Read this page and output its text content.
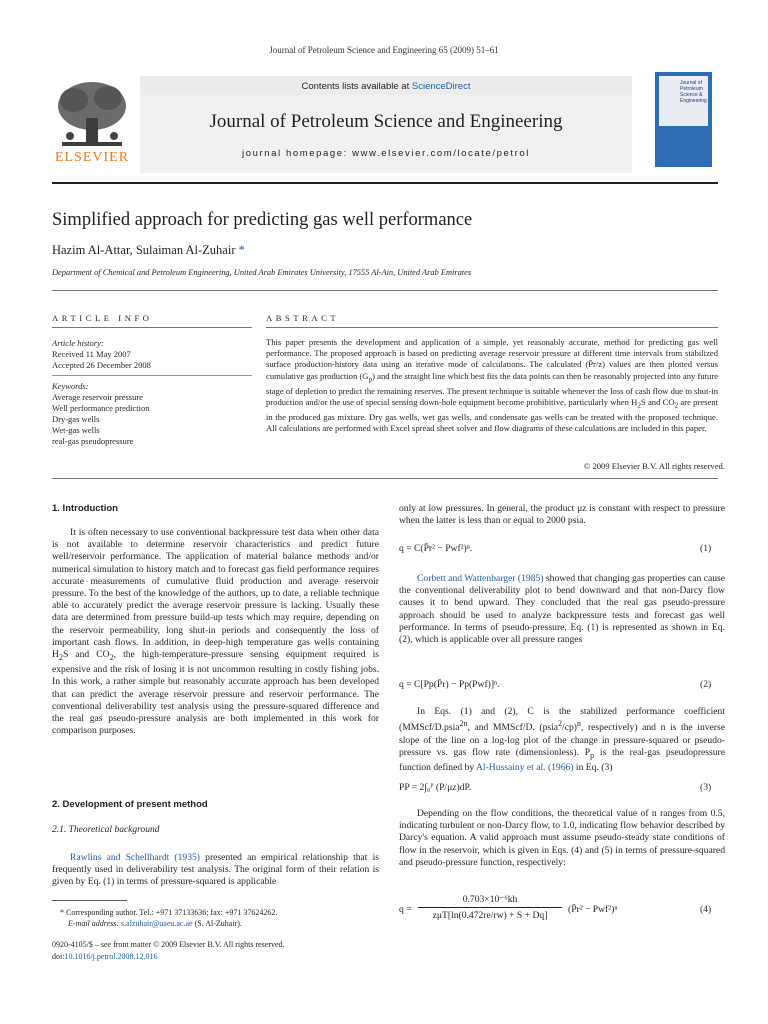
Journal of Petroleum Science and Engineering 65 (2009) 51–61
ELSEVIER
Contents lists available at ScienceDirect
Journal of Petroleum Science and Engineering
journal homepage: www.elsevier.com/locate/petrol
Journal of
Petroleum
Science &
Engineering
Simplified approach for predicting gas well performance
Hazim Al-Attar, Sulaiman Al-Zuhair *
Department of Chemical and Petroleum Engineering, United Arab Emirates University, 17555 Al-Ain, United Arab Emirates
ARTICLE INFO
Article history:
Received 11 May 2007
Accepted 26 December 2008
Keywords:
Average reservoir pressure
Well performance prediction
Dry-gas wells
Wet-gas wells
real-gas pseudopressure
ABSTRACT
This paper presents the development and application of a simple, yet reasonably accurate, method for predicting gas well performance. The proposed approach is based on predicting average reservoir pressure at different time intervals from stabilized surface production-history data using an iterative mode of calculations. The calculated (P̄r/z) values are then plotted versus cumulative gas production $(G_p)$ and the straight line which best fits the data points can then be reasonably projected into any future stage of depletion to predict the remaining reserves. The present technique is suitable whenever the loss of cash flow due to shut-in production and/or the use of special sensing down-hole equipment become prohibitive, particularly when $H_2S$ and $CO_2$ are present in the produced gas mixture. Dry gas wells, wet gas wells, and condensate gas wells can be treated with the proposed technique. All calculations are performed with Excel spread sheet solver and flow diagrams of these calculations are included in this paper.
© 2009 Elsevier B.V. All rights reserved.
1. Introduction
It is often necessary to use conventional backpressure test data when other data is not available to determine reservoir characteristics and predict future well/reservoir performance. The application of material balance methods and/or numerical simulation to history match and to forecast gas field performance requires accurate measurements of cumulative fluid production and average reservoir pressure. To the best of the knowledge of the authors, up to date, a reliable technique able to accurately predict the average reservoir pressure is lacking. Usually these data are determined from pressure build-up tests which may require, depending on the reservoir permeability, long shut-in periods and consequently the loss of important cash flows. In addition, in deep-high temperature gas wells containing $H_2S$ and $CO_2$, the high-temperature-pressure sensing equipment required is expensive and the risk of losing it is not uncommon resulting in costly fishing jobs. In this work, a rather simple but reasonably accurate approach has been developed that can predict the average reservoir pressure and reservoir performance. The conventional deliverability test analysis using the pressure-squared difference and the real gas pseudo-pressure analysis are both implemented in this work for comparison purposes.
2. Development of present method
2.1. Theoretical background
Rawlins and Schellhardt (1935) presented an empirical relationship that is frequently used in deliverability test analysis. The original form of their relation is given by Eq. (1) in terms of pressure-squared is applicable
* Corresponding author. Tel.: +971 37133636; fax: +971 37624262.
E-mail address: s.alzuhair@uaeu.ac.ae (S. Al-Zuhair).
0920-4105/$ – see front matter © 2009 Elsevier B.V. All rights reserved.
doi:10.1016/j.petrol.2008.12.016
only at low pressures. In general, the product μz is constant with respect to pressure when the latter is less than or equal to 2000 psia.
q = C(P̄r² − Pwf²)ⁿ.	(1)
Corbett and Wattenbarger (1985) showed that changing gas properties can cause the conventional deliverability plot to bend downward and that non-Darcy flow causes it to bend upward. They concluded that the real gas pseudo-pressure approach should be used to analyze backpressure tests and forecast gas well performance. In terms of pseudo-pressure, Eq. (1) is represented as shown in Eq. (2), which is applicable over all pressure ranges
q = C[Pp(P̄r) − Pp(Pwf)]ⁿ.	(2)
In Eqs. (1) and (2), C is the stabilized performance coefficient (MMScf/D.psia$^{2n}$, and MMScf/D. (psia$^2$/cp)$^n$, respectively) and n is the inverse slope of the line on a log-log plot of the change in pressure-squared or pseudo-pressure vs. gas flow rate (dimensionless). $P_p$ is the real-gas pseudopressure function defined by Al-Hussainy et al. (1966) in Eq. (3)
PP = 2∫₀ᴾ (P/μz)dP.	(3)
Depending on the flow conditions, the theoretical value of n ranges from 0.5, indicating turbulent or non-Darcy flow, to 1.0, indicating flow behavior described by Darcy's equation. A valid approach must assume pseudo-steady state conditions of flow in the reservoir, which is given in Eqs. (4) and (5) in terms of pressure-squared and pseudo-pressure function, respectively:
q =
0.703×10⁻⁶kh
zμT[ln(0.472re/rw) + S + Dq]
(P̄r² − Pwf²)ⁿ	(4)
